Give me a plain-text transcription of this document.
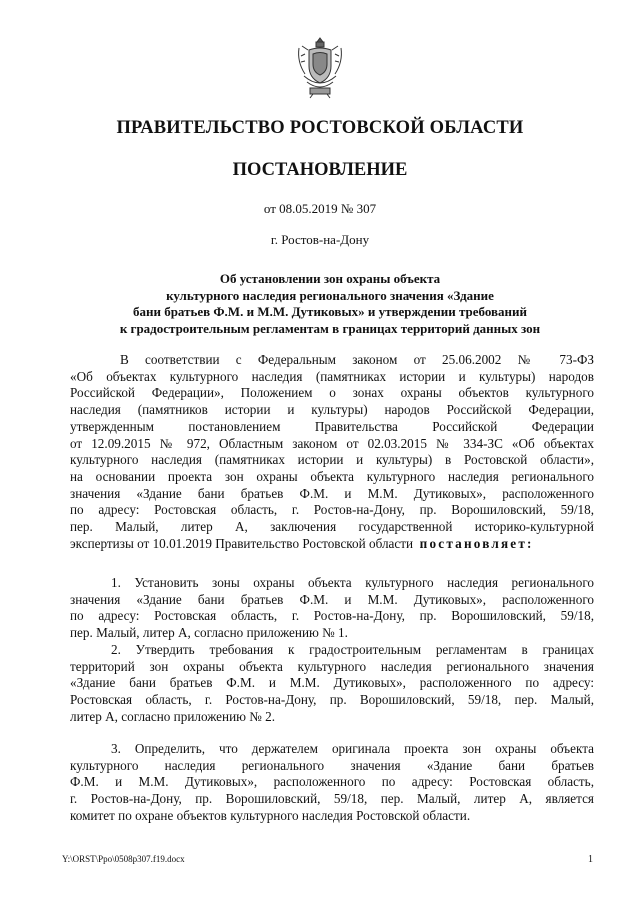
ПРАВИТЕЛЬСТВО РОСТОВСКОЙ ОБЛАСТИ
ПОСТАНОВЛЕНИЕ
от 08.05.2019 № 307
г. Ростов-на-Дону
Об установлении зон охраны объекта
культурного наследия регионального значения «Здание
бани братьев Ф.М. и М.М. Дутиковых» и утверждении требований
к градостроительным регламентам в границах территорий данных зон
В соответствии с Федеральным законом от 25.06.2002 № 73-ФЗ
«Об объектах культурного наследия (памятниках истории и культуры) народов
Российской Федерации», Положением о зонах охраны объектов культурного
наследия (памятников истории и культуры) народов Российской Федерации,
утвержденным постановлением Правительства Российской Федерации
от 12.09.2015 № 972, Областным законом от 02.03.2015 № 334-ЗС «Об объектах
культурного наследия (памятниках истории и культуры) в Ростовской области»,
на основании проекта зон охраны объекта культурного наследия регионального
значения «Здание бани братьев Ф.М. и М.М. Дутиковых», расположенного
по адресу: Ростовская область, г. Ростов-на-Дону, пр. Ворошиловский, 59/18,
пер. Малый, литер А, заключения государственной историко-культурной
экспертизы от 10.01.2019 Правительство Ростовской области постановляет:
1. Установить зоны охраны объекта культурного наследия регионального
значения «Здание бани братьев Ф.М. и М.М. Дутиковых», расположенного
по адресу: Ростовская область, г. Ростов-на-Дону, пр. Ворошиловский, 59/18,
пер. Малый, литер А, согласно приложению № 1.
2. Утвердить требования к градостроительным регламентам в границах
территорий зон охраны объекта культурного наследия регионального значения
«Здание бани братьев Ф.М. и М.М. Дутиковых», расположенного по адресу:
Ростовская область, г. Ростов-на-Дону, пр. Ворошиловский, 59/18, пер. Малый,
литер А, согласно приложению № 2.
3. Определить, что держателем оригинала проекта зон охраны объекта
культурного наследия регионального значения «Здание бани братьев
Ф.М. и М.М. Дутиковых», расположенного по адресу: Ростовская область,
г. Ростов-на-Дону, пр. Ворошиловский, 59/18, пер. Малый, литер А, является
комитет по охране объектов культурного наследия Ростовской области.
Y:\ORST\Ppo\0508p307.f19.docx	1
